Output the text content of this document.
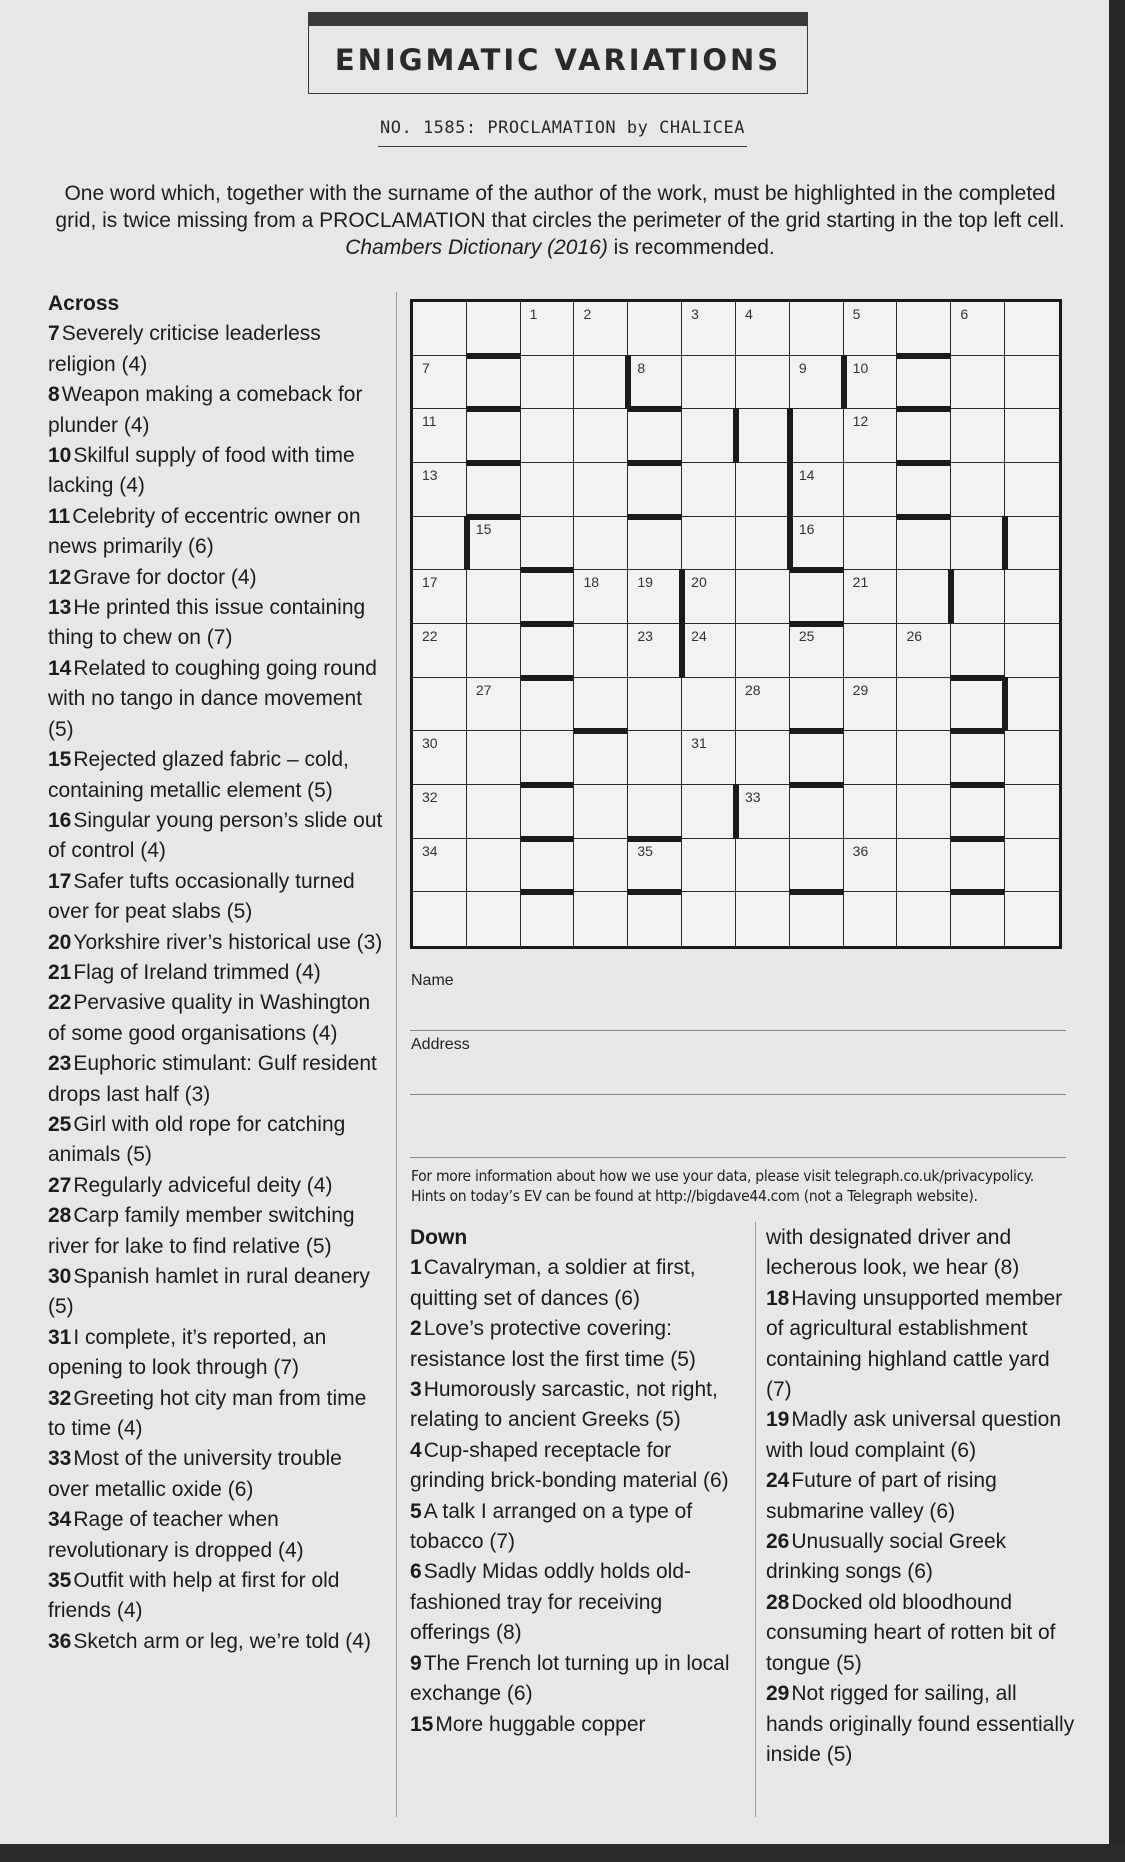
ENIGMATIC VARIATIONS
NO. 1585: PROCLAMATION by CHALICEA
One word which, together with the surname of the author of the work, must be highlighted in the completed grid, is twice missing from a PROCLAMATION that circles the perimeter of the grid starting in the top left cell. Chambers Dictionary (2016) is recommended.
Across
7Severely criticise leaderless religion (4)
8Weapon making a comeback for plunder (4)
10Skilful supply of food with time lacking (4)
11Celebrity of eccentric owner on news primarily (6)
12Grave for doctor (4)
13He printed this issue containing thing to chew on (7)
14Related to coughing going round with no tango in dance movement (5)
15Rejected glazed fabric – cold, containing metallic element (5)
16Singular young person’s slide out of control (4)
17Safer tufts occasionally turned over for peat slabs (5)
20Yorkshire river’s historical use (3)
21Flag of Ireland trimmed (4)
22Pervasive quality in Washington of some good organisations (4)
23Euphoric stimulant: Gulf resident drops last half (3)
25Girl with old rope for catching animals (5)
27Regularly adviceful deity (4)
28Carp family member switching river for lake to find relative (5)
30Spanish hamlet in rural deanery (5)
31I complete, it’s reported, an opening to look through (7)
32Greeting hot city man from time to time (4)
33Most of the university trouble over metallic oxide (6)
34Rage of teacher when revolutionary is dropped (4)
35Outfit with help at first for old friends (4)
36Sketch arm or leg, we’re told (4)
1	2	3	4	5	6
7	8	9	10
11	12
13	14
15	16
17	18	19	20	21
22	23	24	25	26
27	28	29
30	31
32	33
34	35	36
Name
Address
For more information about how we use your data, please visit telegraph.co.uk/privacypolicy.
Hints on today’s EV can be found at http://bigdave44.com (not a Telegraph website).
Down
1Cavalryman, a soldier at first, quitting set of dances (6)
2Love’s protective covering: resistance lost the first time (5)
3Humorously sarcastic, not right, relating to ancient Greeks (5)
4Cup-shaped receptacle for grinding brick-bonding material (6)
5A talk I arranged on a type of tobacco (7)
6Sadly Midas oddly holds old-fashioned tray for receiving offerings (8)
9The French lot turning up in local exchange (6)
15More huggable copper
with designated driver and lecherous look, we hear (8)
18Having unsupported member of agricultural establishment containing highland cattle yard (7)
19Madly ask universal question with loud complaint (6)
24Future of part of rising submarine valley (6)
26Unusually social Greek drinking songs (6)
28Docked old bloodhound consuming heart of rotten bit of tongue (5)
29Not rigged for sailing, all hands originally found essentially inside (5)
